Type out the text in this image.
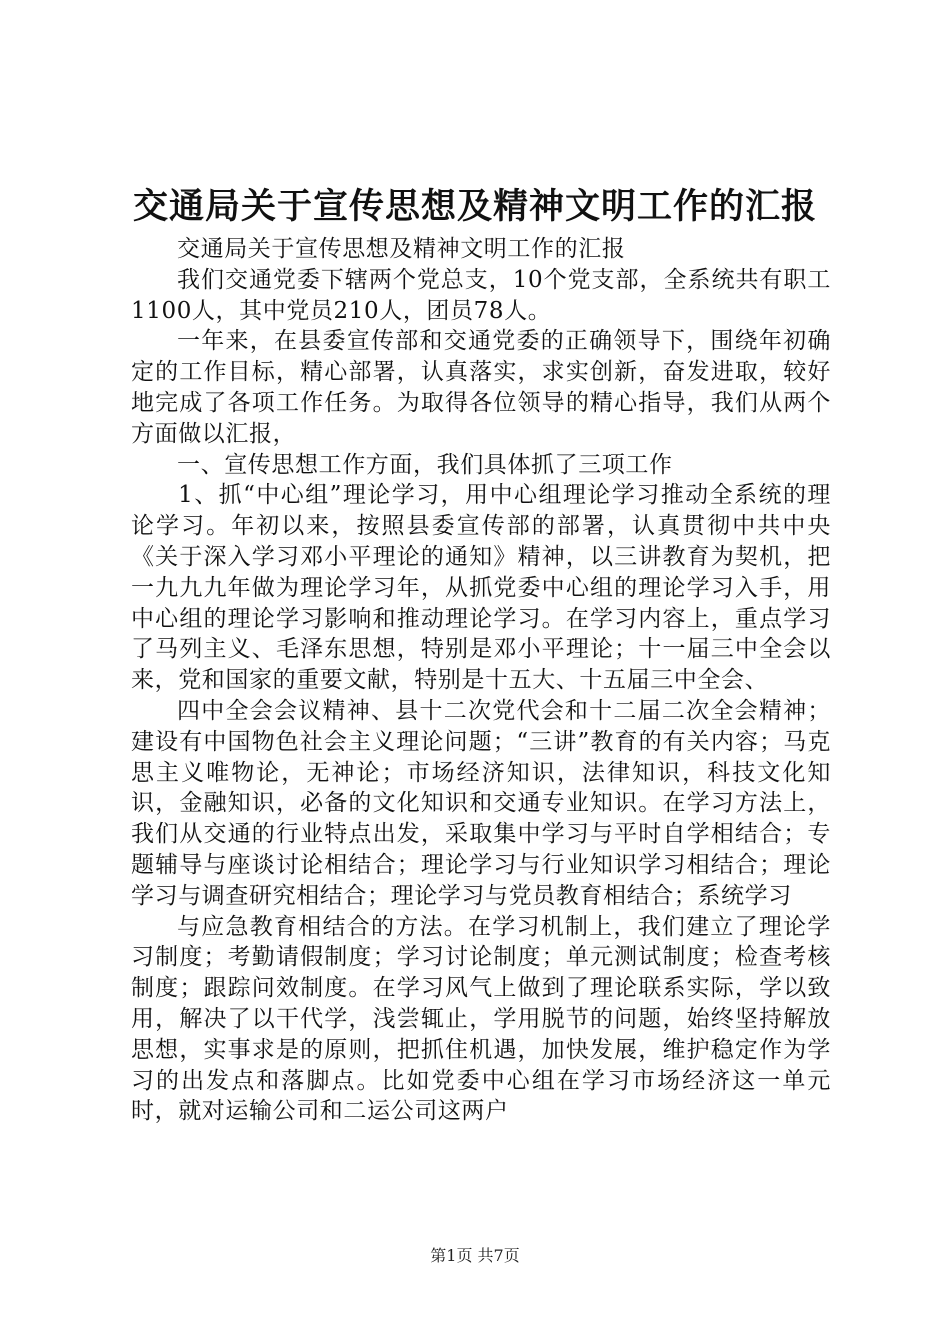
交通局关于宣传思想及精神文明工作的汇报

交通局关于宣传思想及精神文明工作的汇报

我们交通党委下辖两个党总支，10个党支部，全系统共有职工1100人，其中党员210人，团员78人。

一年来，在县委宣传部和交通党委的正确领导下，围绕年初确定的工作目标，精心部署，认真落实，求实创新，奋发进取，较好地完成了各项工作任务。为取得各位领导的精心指导，我们从两个方面做以汇报，

一、宣传思想工作方面，我们具体抓了三项工作

1、抓“中心组”理论学习，用中心组理论学习推动全系统的理论学习。年初以来，按照县委宣传部的部署，认真贯彻中共中央《关于深入学习邓小平理论的通知》精神，以三讲教育为契机，把一九九九年做为理论学习年，从抓党委中心组的理论学习入手，用中心组的理论学习影响和推动理论学习。在学习内容上，重点学习了马列主义、毛泽东思想，特别是邓小平理论；十一届三中全会以来，党和国家的重要文献，特别是十五大、十五届三中全会、

四中全会会议精神、县十二次党代会和十二届二次全会精神；建设有中国物色社会主义理论问题；“三讲”教育的有关内容；马克思主义唯物论，无神论；市场经济知识，法律知识，科技文化知识，金融知识，必备的文化知识和交通专业知识。在学习方法上，我们从交通的行业特点出发，采取集中学习与平时自学相结合；专题辅导与座谈讨论相结合；理论学习与行业知识学习相结合；理论学习与调查研究相结合；理论学习与党员教育相结合；系统学习

与应急教育相结合的方法。在学习机制上，我们建立了理论学习制度；考勤请假制度；学习讨论制度；单元测试制度；检查考核制度；跟踪问效制度。在学习风气上做到了理论联系实际，学以致用，解决了以干代学，浅尝辄止，学用脱节的问题，始终坚持解放思想，实事求是的原则，把抓住机遇，加快发展，维护稳定作为学习的出发点和落脚点。比如党委中心组在学习市场经济这一单元时，就对运输公司和二运公司这两户

第1页 共7页
